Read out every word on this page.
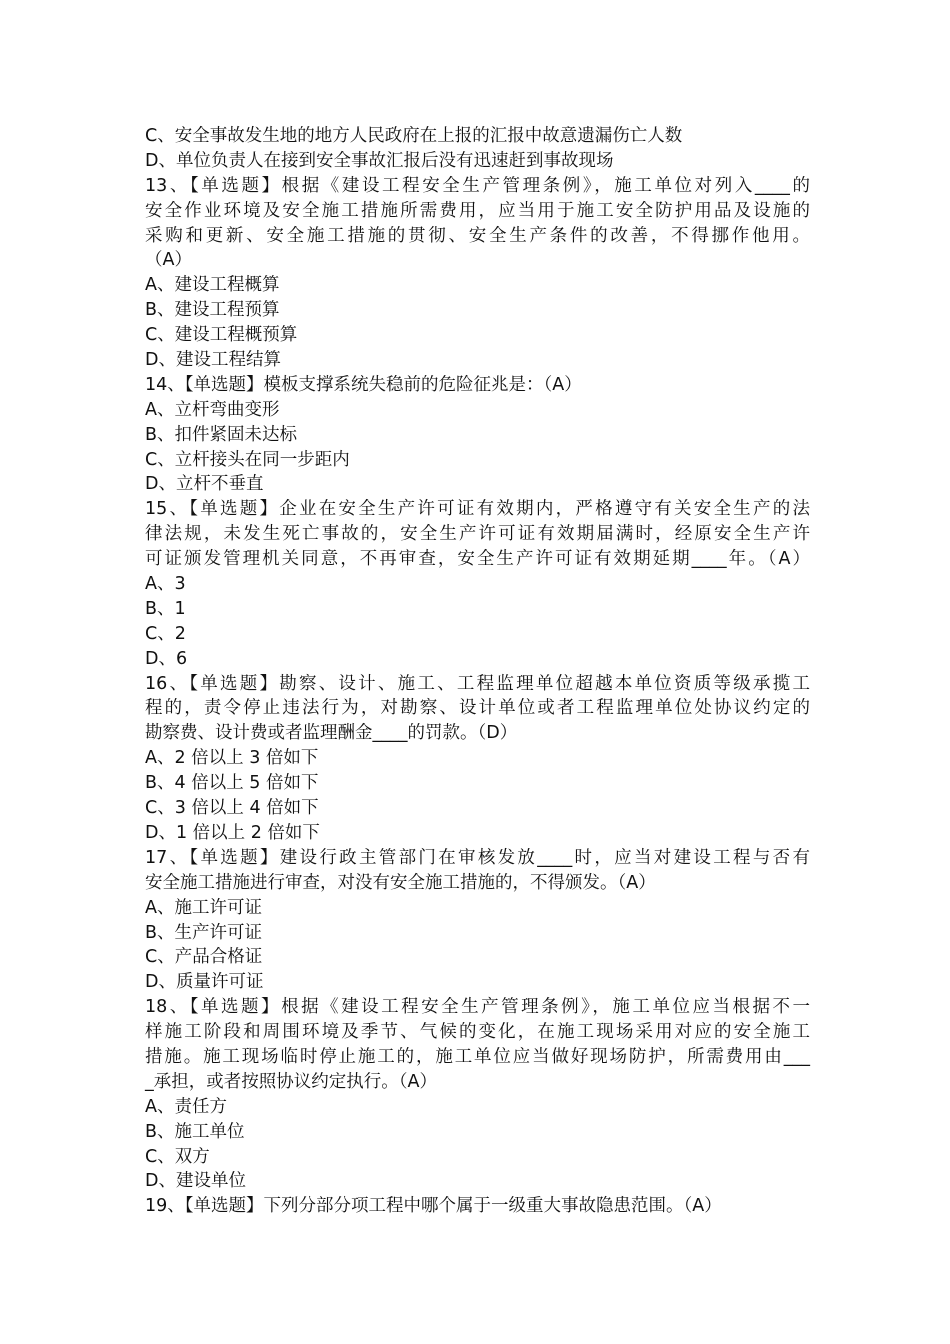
C、安全事故发生地的地方人民政府在上报的汇报中故意遗漏伤亡人数
D、单位负责人在接到安全事故汇报后没有迅速赶到事故现场
13、【单选题】根据《建设工程安全生产管理条例》，施工单位对列入____的
安全作业环境及安全施工措施所需费用，应当用于施工安全防护用品及设施的
采购和更新、安全施工措施的贯彻、安全生产条件的改善，不得挪作他用。
（A）
A、建设工程概算
B、建设工程预算
C、建设工程概预算
D、建设工程结算
14、【单选题】模板支撑系统失稳前的危险征兆是：（A）
A、立杆弯曲变形
B、扣件紧固未达标
C、立杆接头在同一步距内
D、立杆不垂直
15、【单选题】企业在安全生产许可证有效期内，严格遵守有关安全生产的法
律法规，未发生死亡事故的，安全生产许可证有效期届满时，经原安全生产许
可证颁发管理机关同意，不再审查，安全生产许可证有效期延期____年。（A）
A、3
B、1
C、2
D、6
16、【单选题】勘察、设计、施工、工程监理单位超越本单位资质等级承揽工
程的，责令停止违法行为，对勘察、设计单位或者工程监理单位处协议约定的
勘察费、设计费或者监理酬金____的罚款。（D）
A、2 倍以上 3 倍如下
B、4 倍以上 5 倍如下
C、3 倍以上 4 倍如下
D、1 倍以上 2 倍如下
17、【单选题】建设行政主管部门在审核发放____时，应当对建设工程与否有
安全施工措施进行审查，对没有安全施工措施的，不得颁发。（A）
A、施工许可证
B、生产许可证
C、产品合格证
D、质量许可证
18、【单选题】根据《建设工程安全生产管理条例》，施工单位应当根据不一
样施工阶段和周围环境及季节、气候的变化，在施工现场采用对应的安全施工
措施。施工现场临时停止施工的，施工单位应当做好现场防护，所需费用由___
_承担，或者按照协议约定执行。（A）
A、责任方
B、施工单位
C、双方
D、建设单位
19、【单选题】下列分部分项工程中哪个属于一级重大事故隐患范围。（A）
